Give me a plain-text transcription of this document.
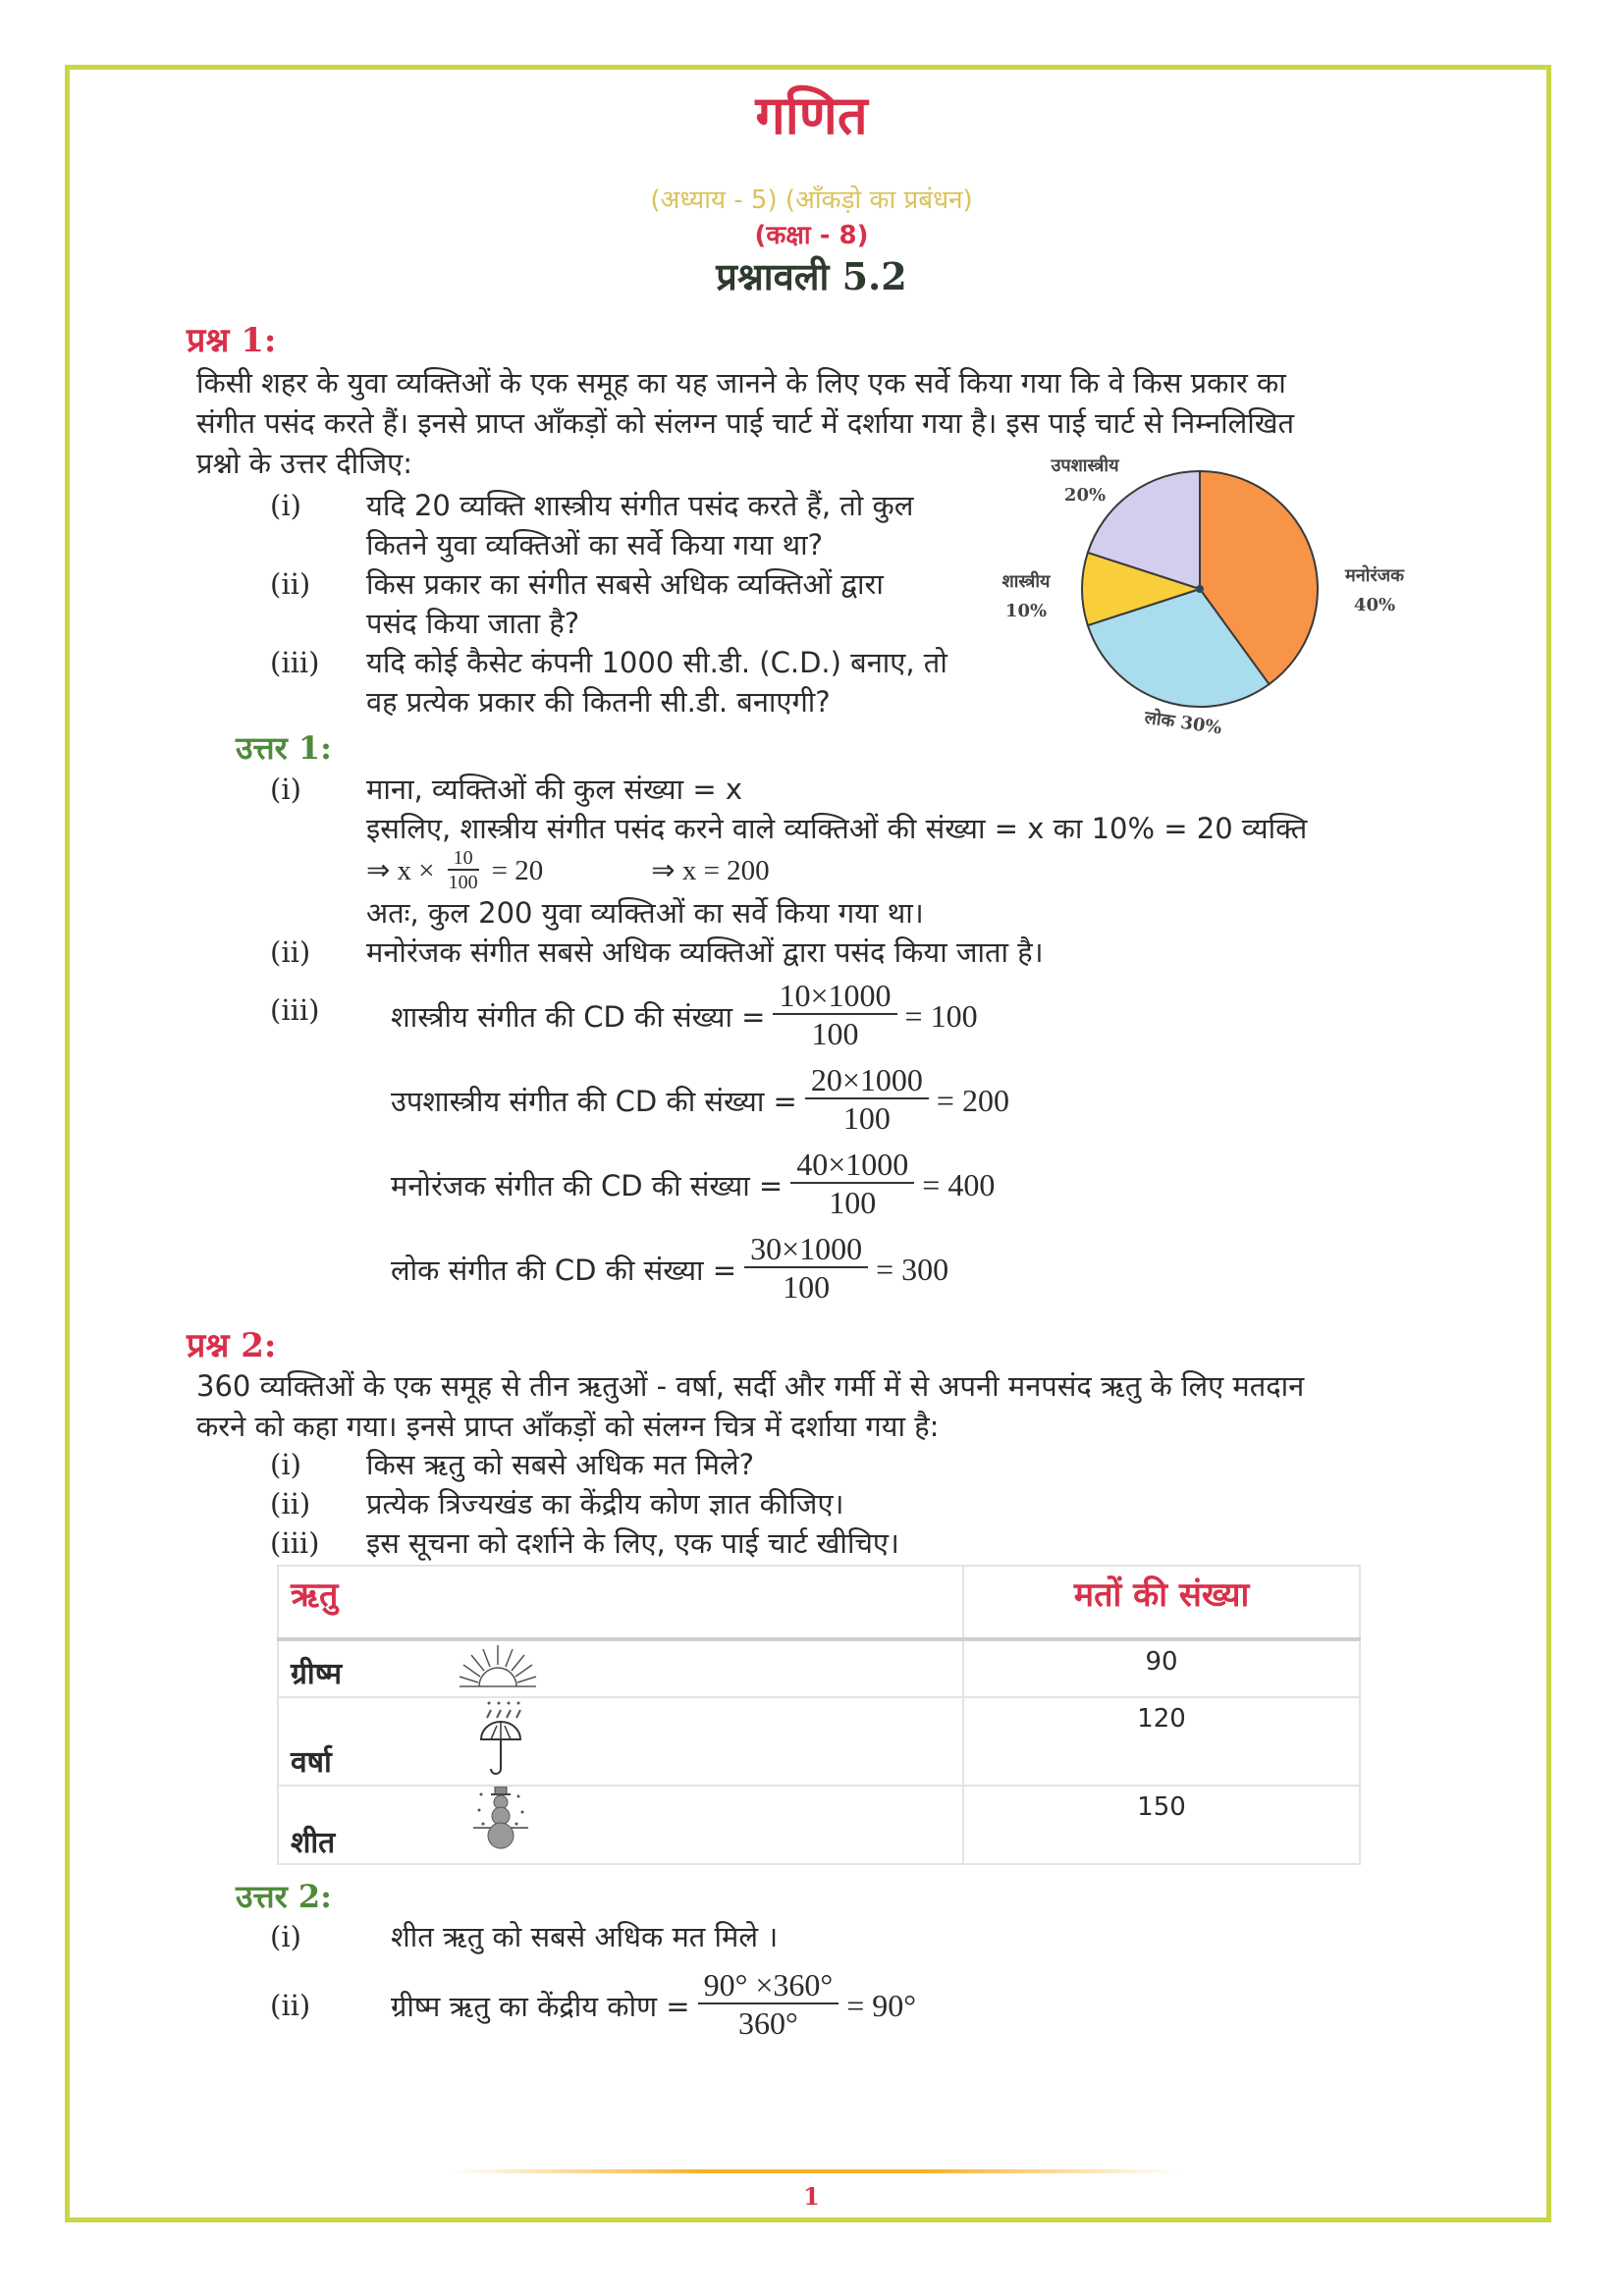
गणित
(अध्याय - 5) (आँकड़ो का प्रबंधन)
(कक्षा - 8)
प्रश्नावली 5.2
प्रश्न 1:
किसी शहर के युवा व्यक्तिओं के एक समूह का यह जानने के लिए एक सर्वे किया गया कि वे किस प्रकार का
संगीत पसंद करते हैं। इनसे प्राप्त आँकड़ों को संलग्न पाई चार्ट में दर्शाया गया है। इस पाई चार्ट से निम्नलिखित
प्रश्नो के उत्तर दीजिए:
(i)	यदि 20 व्यक्ति शास्त्रीय संगीत पसंद करते हैं, तो कुल
कितने युवा व्यक्तिओं का सर्वे किया गया था?
(ii)	किस प्रकार का संगीत सबसे अधिक व्यक्तिओं द्वारा
पसंद किया जाता है?
(iii)	यदि कोई कैसेट कंपनी 1000 सी.डी. (C.D.) बनाए, तो
वह प्रत्येक प्रकार की कितनी सी.डी. बनाएगी?
उपशास्त्रीय
20%
शास्त्रीय
10%
मनोरंजक
40%
लोक 30%
उत्तर 1:
(i)	माना, व्यक्तिओं की कुल संख्या = x
इसलिए, शास्त्रीय संगीत पसंद करने वाले व्यक्तिओं की संख्या = x का 10% = 20 व्यक्ति
⇒ $x \times \frac{10}{100} = 20$	⇒ x = 200
अतः, कुल 200 युवा व्यक्तिओं का सर्वे किया गया था।
(ii)	मनोरंजक संगीत सबसे अधिक व्यक्तिओं द्वारा पसंद किया जाता है।
(iii)	शास्त्रीय संगीत की CD की संख्या = $\frac{10\times 1000}{100} = 100$
उपशास्त्रीय संगीत की CD की संख्या = $\frac{20\times 1000}{100} = 200$
मनोरंजक संगीत की CD की संख्या = $\frac{40\times 1000}{100} = 400$
लोक संगीत की CD की संख्या = $\frac{30\times 1000}{100} = 300$
प्रश्न 2:
360 व्यक्तिओं के एक समूह से तीन ऋतुओं - वर्षा, सर्दी और गर्मी में से अपनी मनपसंद ऋतु के लिए मतदान
करने को कहा गया। इनसे प्राप्त आँकड़ों को संलग्न चित्र में दर्शाया गया है:
(i)	किस ऋतु को सबसे अधिक मत मिले?
(ii)	प्रत्येक त्रिज्यखंड का केंद्रीय कोण ज्ञात कीजिए।
(iii)	इस सूचना को दर्शाने के लिए, एक पाई चार्ट खीचिए।
ऋतु	मतों की संख्या

ग्रीष्म	90

वर्षा	120

शीत	150
उत्तर 2:
(i)	शीत ऋतु को सबसे अधिक मत मिले ।
(ii)	ग्रीष्म ऋतु का केंद्रीय कोण = $\frac{90^\circ \times 360^\circ}{360^\circ} = 90^\circ$
1
